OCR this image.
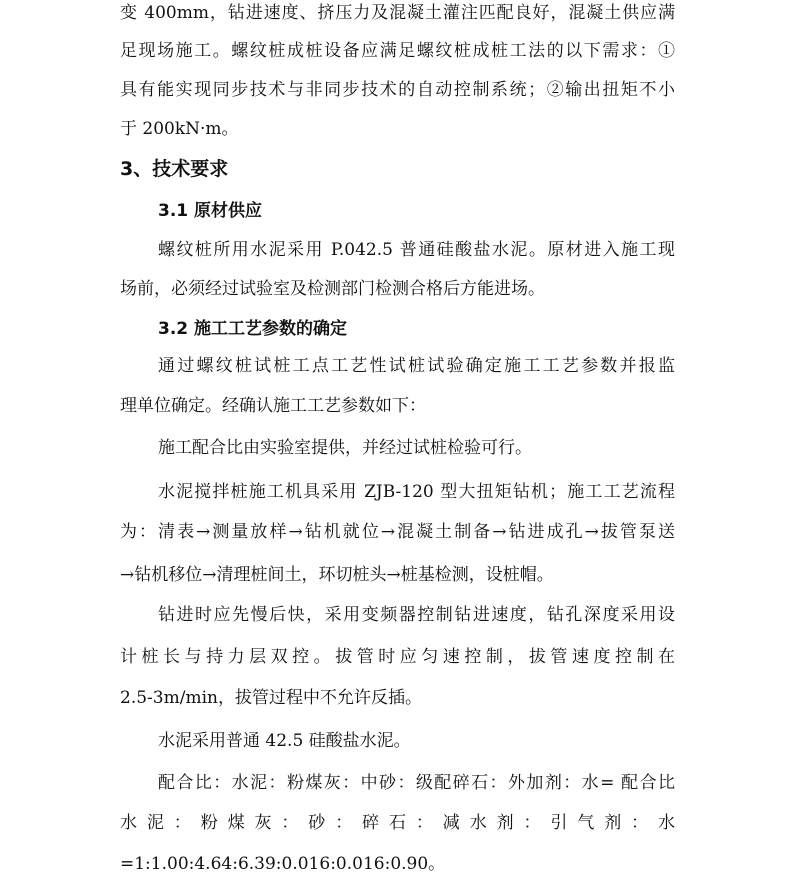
变 400mm，钻进速度、挤压力及混凝土灌注匹配良好，混凝土供应满
足现场施工。螺纹桩成桩设备应满足螺纹桩成桩工法的以下需求：①
具有能实现同步技术与非同步技术的自动控制系统；②输出扭矩不小
于 200kN·m。
3、技术要求
3.1 原材供应
螺纹桩所用水泥采用 P.042.5 普通硅酸盐水泥。原材进入施工现
场前，必须经过试验室及检测部门检测合格后方能进场。
3.2 施工工艺参数的确定
通过螺纹桩试桩工点工艺性试桩试验确定施工工艺参数并报监
理单位确定。经确认施工工艺参数如下：
施工配合比由实验室提供，并经过试桩检验可行。
水泥搅拌桩施工机具采用 ZJB-120 型大扭矩钻机；施工工艺流程
为：清表→测量放样→钻机就位→混凝土制备→钻进成孔→拔管泵送
→钻机移位→清理桩间土，环切桩头→桩基检测，设桩帽。
钻进时应先慢后快，采用变频器控制钻进速度，钻孔深度采用设
计桩长与持力层双控。拔管时应匀速控制，拔管速度控制在
2.5-3m/min，拔管过程中不允许反插。
水泥采用普通 42.5 硅酸盐水泥。
配合比：水泥：粉煤灰：中砂：级配碎石：外加剂：水= 配合比
水 泥 ： 粉 煤 灰 ： 砂 ： 碎 石 ： 减 水 剂 ： 引 气 剂 ： 水
=1:1.00:4.64:6.39:0.016:0.016:0.90。
